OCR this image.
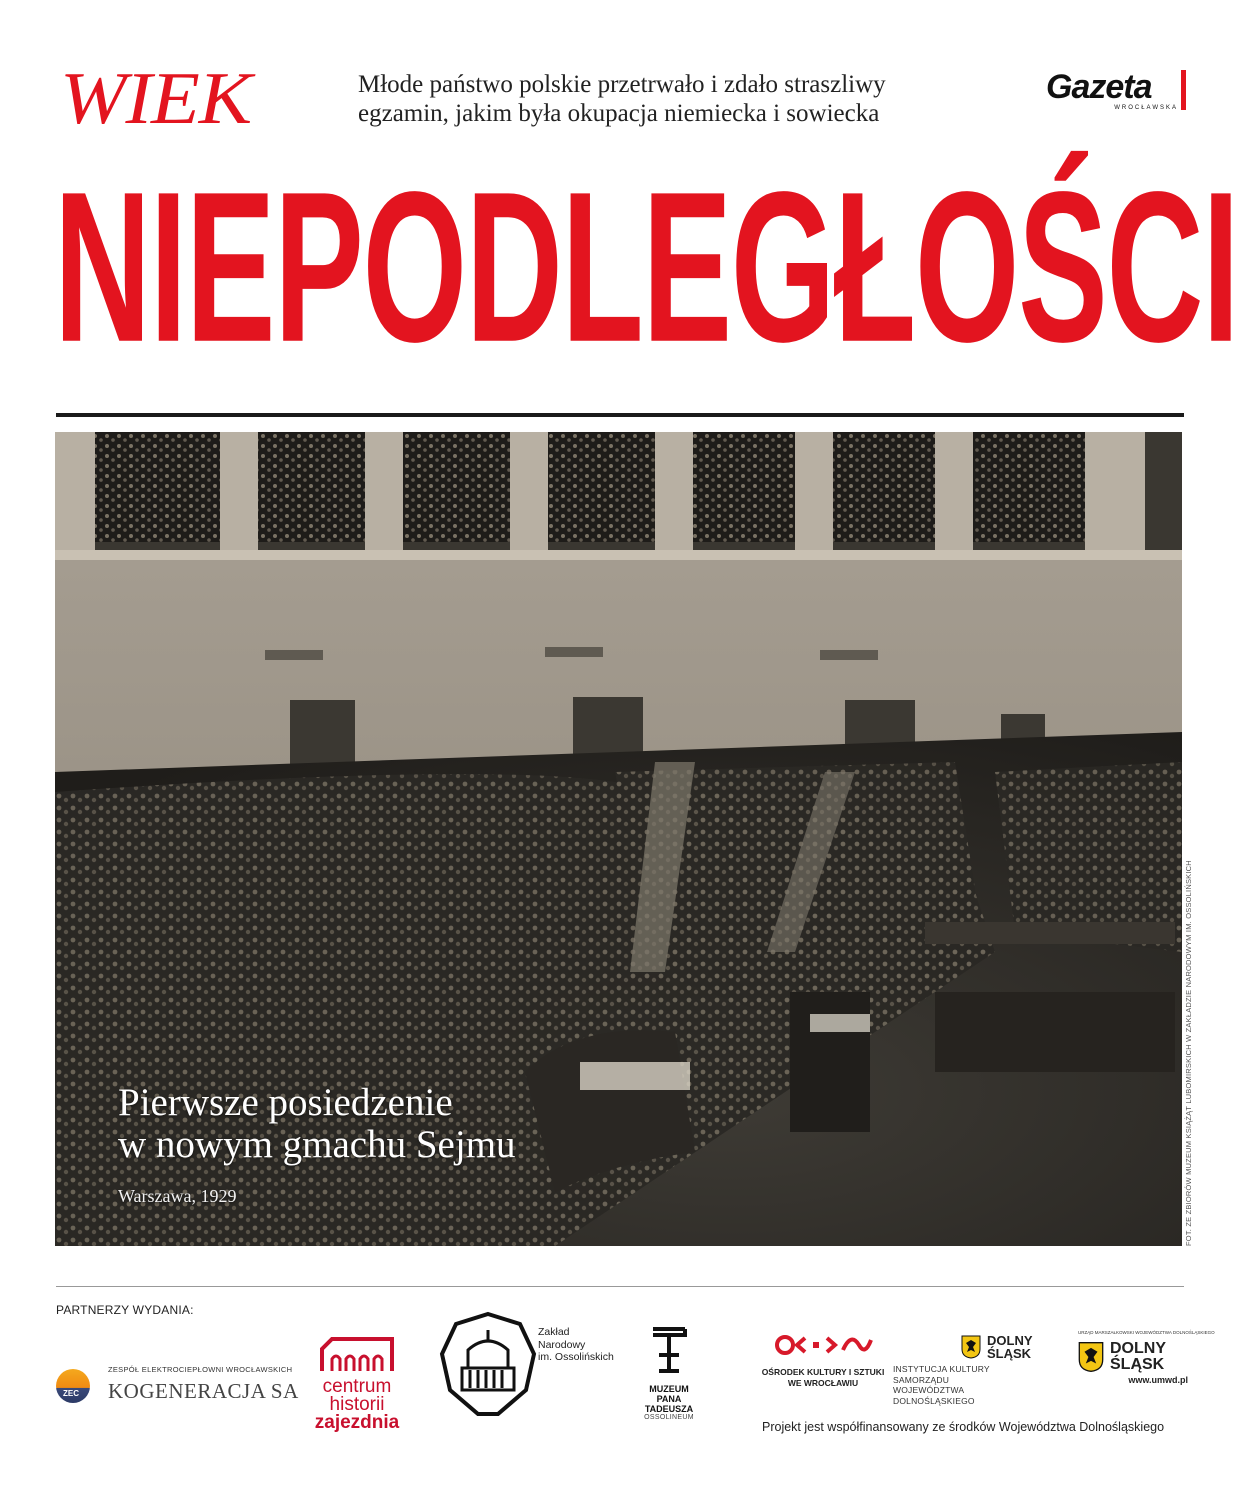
WIEK	Młode państwo polskie przetrwało i zdało straszliwy
egzamin, jakim była okupacja niemiecka i sowiecka
Gazeta
WROCŁAWSKA
NIEPODLEGŁOŚCI
Pierwsze posiedzenie
w nowym gmachu Sejmu
Warszawa, 1929	FOT. ZE ZBIORÓW MUZEUM KSIĄŻĄT LUBOMIRSKICH W ZAKŁADZIE NARODOWYM IM. OSSOLIŃSKICH
PARTNERZY WYDANIA:
ZEC
ZESPÓŁ ELEKTROCIEPŁOWNI WROCŁAWSKICH
KOGENERACJA SA	centrum
historii
zajezdnia
Zakład
Narodowy
im. Ossolińskich
MUZEUM
PANA
TADEUSZA
OSSOLINEUM
OŚRODEK KULTURY I SZTUKI
WE WROCŁAWIU
DOLNY
ŚLĄSK
INSTYTUCJA KULTURY SAMORZĄDU
WOJEWÓDZTWA DOLNOŚLĄSKIEGO
URZĄD MARSZAŁKOWSKI WOJEWÓDZTWA DOLNOŚLĄSKIEGO
DOLNY
ŚLĄSK
www.umwd.pl
Projekt jest współfinansowany ze środków Województwa Dolnośląskiego
